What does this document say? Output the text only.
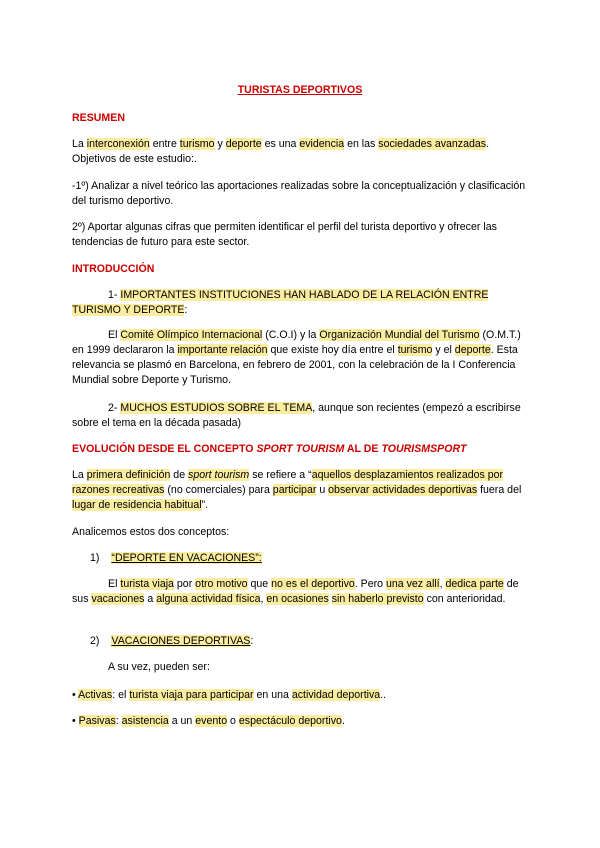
TURISTAS DEPORTIVOS
RESUMEN
La interconexión entre turismo y deporte es una evidencia en las sociedades avanzadas. Objetivos de este estudio:.
-1º) Analizar a nivel teórico las aportaciones realizadas sobre la conceptualización y clasificación del turismo deportivo.
2º) Aportar algunas cifras que permiten identificar el perfil del turista deportivo y ofrecer las tendencias de futuro para este sector.
INTRODUCCIÓN
1- IMPORTANTES INSTITUCIONES HAN HABLADO DE LA RELACIÓN ENTRE TURISMO Y DEPORTE:
El Comité Olímpico Internacional (C.O.I) y la Organización Mundial del Turismo (O.M.T.) en 1999 declararon la importante relación que existe hoy día entre el turismo y el deporte. Esta relevancia se plasmó en Barcelona, en febrero de 2001, con la celebración de la I Conferencia Mundial sobre Deporte y Turismo.
2- MUCHOS ESTUDIOS SOBRE EL TEMA, aunque son recientes (empezó a escribirse sobre el tema en la década pasada)
EVOLUCIÓN DESDE EL CONCEPTO SPORT TOURISM AL DE TOURISMSPORT
La primera definición de sport tourism se refiere a “aquellos desplazamientos realizados por razones recreativas (no comerciales) para participar u observar actividades deportivas fuera del lugar de residencia habitual”.
Analicemos estos dos conceptos:
1) “DEPORTE EN VACACIONES”:
El turista viaja por otro motivo que no es el deportivo. Pero una vez allí, dedica parte de sus vacaciones a alguna actividad física, en ocasiones sin haberlo previsto con anterioridad.
2) VACACIONES DEPORTIVAS:
A su vez, pueden ser:
• Activas: el turista viaja para participar en una actividad deportiva..
• Pasivas: asistencia a un evento o espectáculo deportivo.
